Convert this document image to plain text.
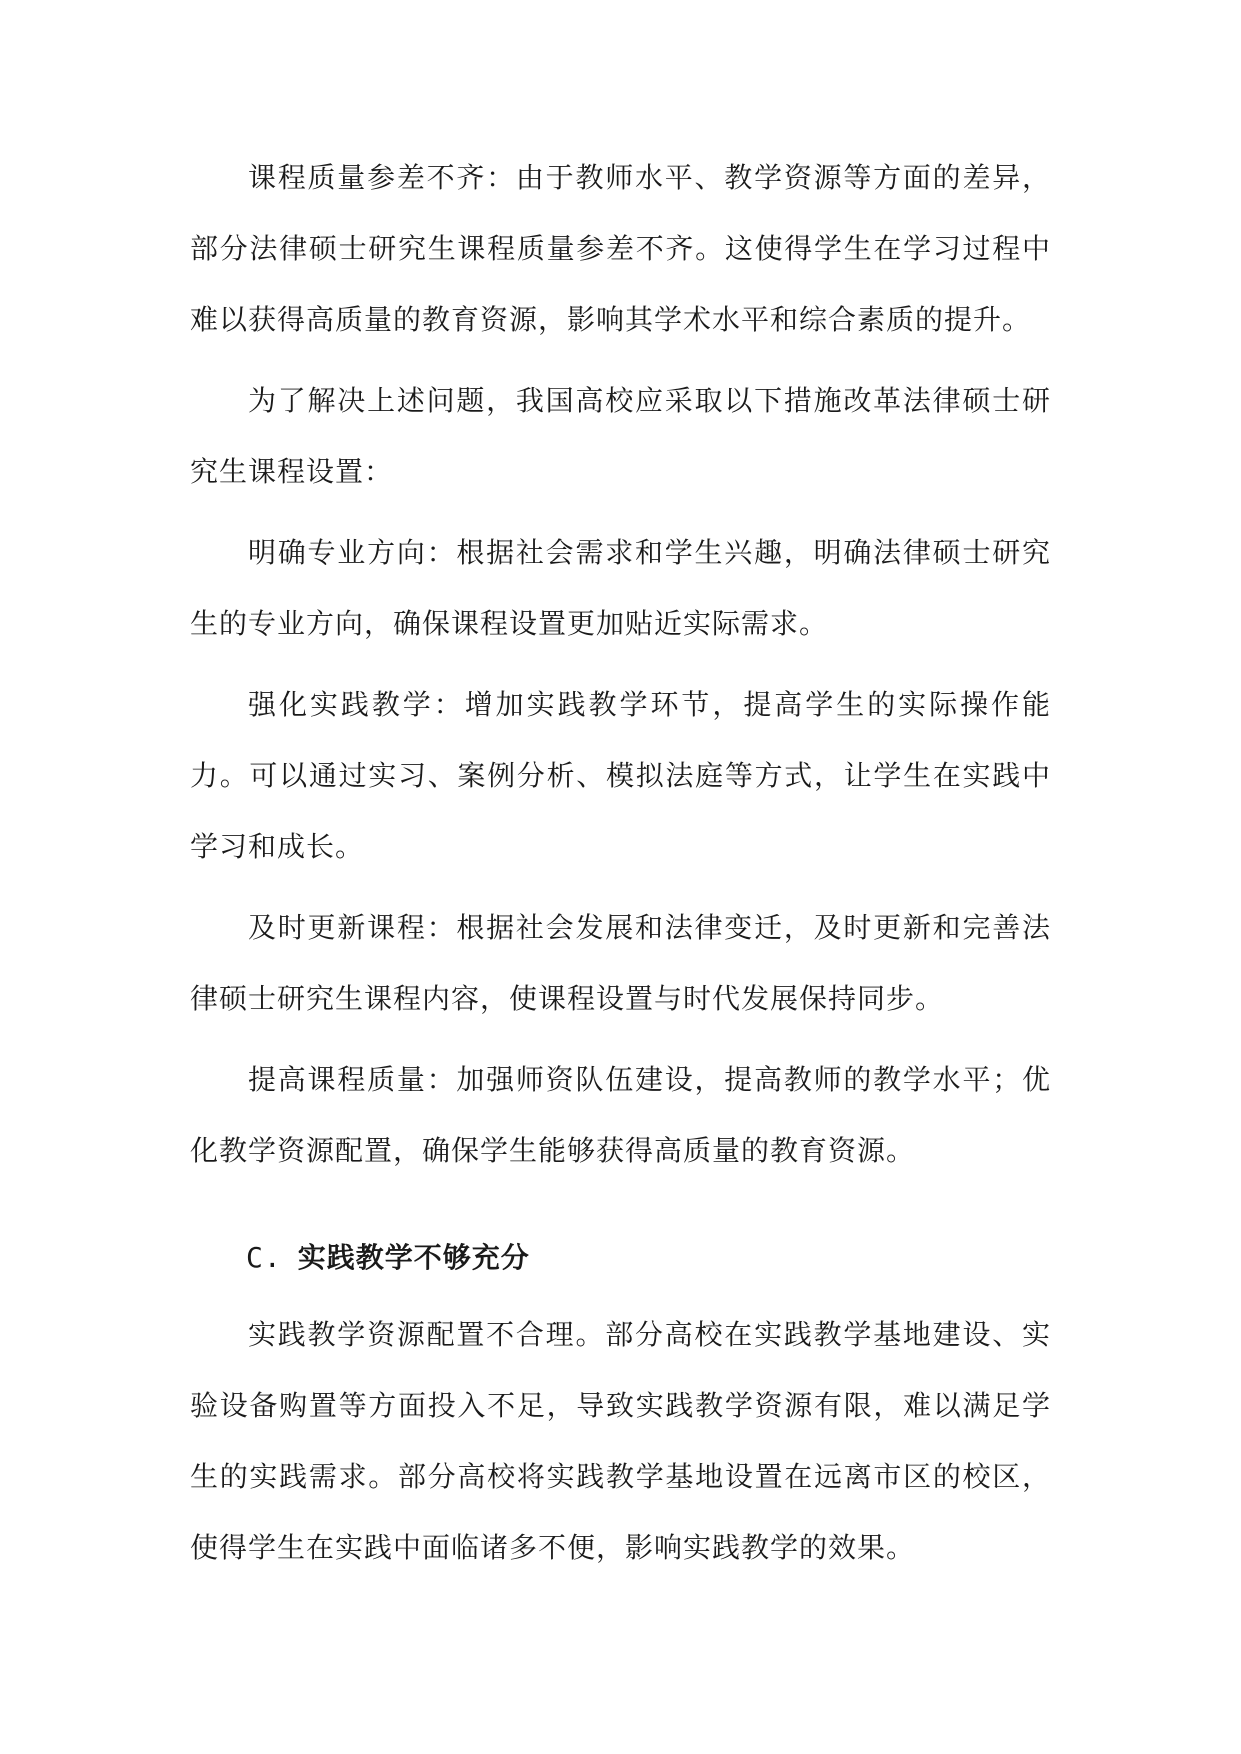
课程质量参差不齐：由于教师水平、教学资源等方面的差异，部分法律硕士研究生课程质量参差不齐。这使得学生在学习过程中难以获得高质量的教育资源，影响其学术水平和综合素质的提升。

为了解决上述问题，我国高校应采取以下措施改革法律硕士研究生课程设置：

明确专业方向：根据社会需求和学生兴趣，明确法律硕士研究生的专业方向，确保课程设置更加贴近实际需求。

强化实践教学：增加实践教学环节，提高学生的实际操作能力。可以通过实习、案例分析、模拟法庭等方式，让学生在实践中学习和成长。

及时更新课程：根据社会发展和法律变迁，及时更新和完善法律硕士研究生课程内容，使课程设置与时代发展保持同步。

提高课程质量：加强师资队伍建设，提高教师的教学水平；优化教学资源配置，确保学生能够获得高质量的教育资源。

C. 实践教学不够充分

实践教学资源配置不合理。部分高校在实践教学基地建设、实验设备购置等方面投入不足，导致实践教学资源有限，难以满足学生的实践需求。部分高校将实践教学基地设置在远离市区的校区，使得学生在实践中面临诸多不便，影响实践教学的效果。
